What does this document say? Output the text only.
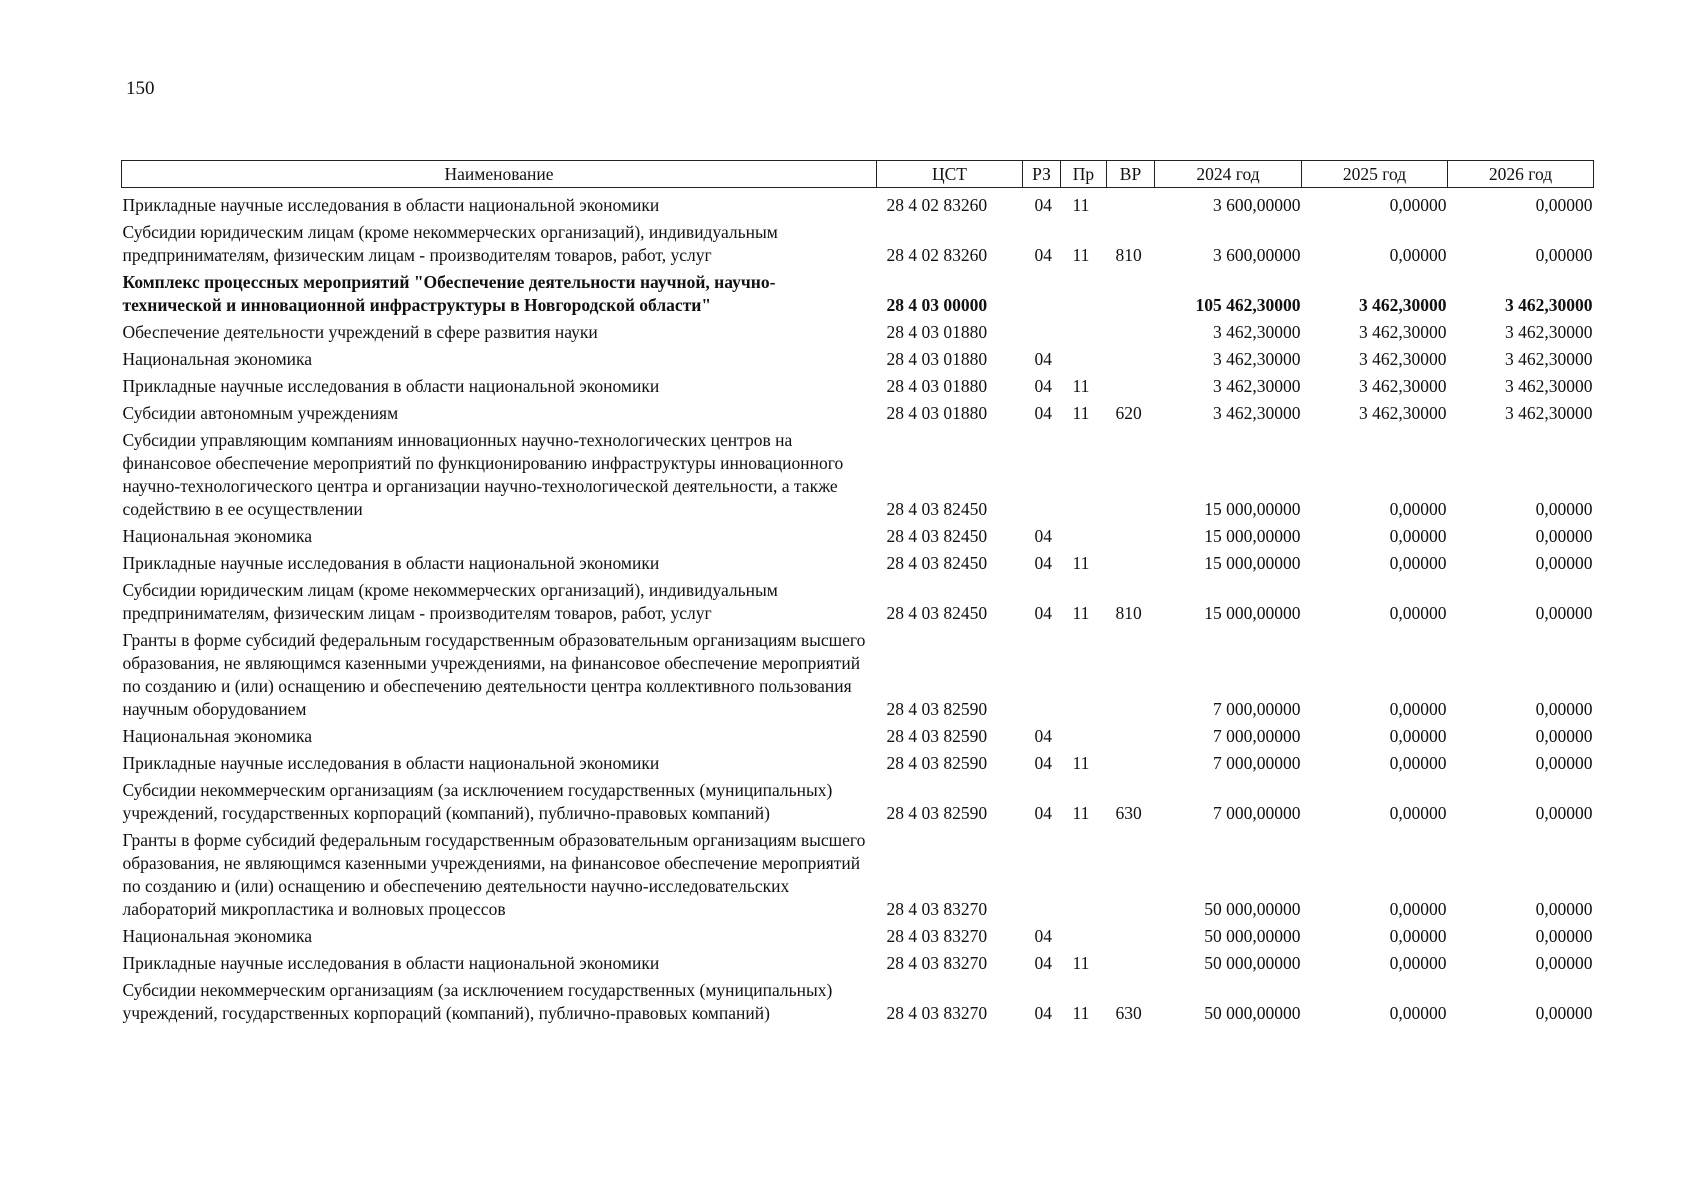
150
Наименование	ЦСТ	РЗ	Пр	ВР	2024 год	2025 год	2026 год
Прикладные научные исследования в области национальной экономики	28 4 02 83260	04	11		3 600,00000	0,00000	0,00000
Субсидии юридическим лицам (кроме некоммерческих организаций), индивидуальным предпринимателям, физическим лицам - производителям товаров, работ, услуг	28 4 02 83260	04	11	810	3 600,00000	0,00000	0,00000
Комплекс процессных мероприятий "Обеспечение деятельности научной, научно-технической и инновационной инфраструктуры в Новгородской области"	28 4 03 00000				105 462,30000	3 462,30000	3 462,30000
Обеспечение деятельности учреждений в сфере развития науки	28 4 03 01880				3 462,30000	3 462,30000	3 462,30000
Национальная экономика	28 4 03 01880	04			3 462,30000	3 462,30000	3 462,30000
Прикладные научные исследования в области национальной экономики	28 4 03 01880	04	11		3 462,30000	3 462,30000	3 462,30000
Субсидии автономным учреждениям	28 4 03 01880	04	11	620	3 462,30000	3 462,30000	3 462,30000
Субсидии управляющим компаниям инновационных научно-технологических центров на финансовое обеспечение мероприятий по функционированию инфраструктуры инновационного научно-технологического центра и организации научно-технологической деятельности, а также содействию в ее осуществлении	28 4 03 82450				15 000,00000	0,00000	0,00000
Национальная экономика	28 4 03 82450	04			15 000,00000	0,00000	0,00000
Прикладные научные исследования в области национальной экономики	28 4 03 82450	04	11		15 000,00000	0,00000	0,00000
Субсидии юридическим лицам (кроме некоммерческих организаций), индивидуальным предпринимателям, физическим лицам - производителям товаров, работ, услуг	28 4 03 82450	04	11	810	15 000,00000	0,00000	0,00000
Гранты в форме субсидий федеральным государственным образовательным организациям высшего образования, не являющимся казенными учреждениями, на финансовое обеспечение мероприятий по созданию и (или) оснащению и обеспечению деятельности центра коллективного пользования научным оборудованием	28 4 03 82590				7 000,00000	0,00000	0,00000
Национальная экономика	28 4 03 82590	04			7 000,00000	0,00000	0,00000
Прикладные научные исследования в области национальной экономики	28 4 03 82590	04	11		7 000,00000	0,00000	0,00000
Субсидии некоммерческим организациям (за исключением государственных (муниципальных) учреждений, государственных корпораций (компаний), публично-правовых компаний)	28 4 03 82590	04	11	630	7 000,00000	0,00000	0,00000
Гранты в форме субсидий федеральным государственным образовательным организациям высшего образования, не являющимся казенными учреждениями, на финансовое обеспечение мероприятий по созданию и (или) оснащению и обеспечению деятельности научно-исследовательских лабораторий микропластика и волновых процессов	28 4 03 83270				50 000,00000	0,00000	0,00000
Национальная экономика	28 4 03 83270	04			50 000,00000	0,00000	0,00000
Прикладные научные исследования в области национальной экономики	28 4 03 83270	04	11		50 000,00000	0,00000	0,00000
Субсидии некоммерческим организациям (за исключением государственных (муниципальных) учреждений, государственных корпораций (компаний), публично-правовых компаний)	28 4 03 83270	04	11	630	50 000,00000	0,00000	0,00000
